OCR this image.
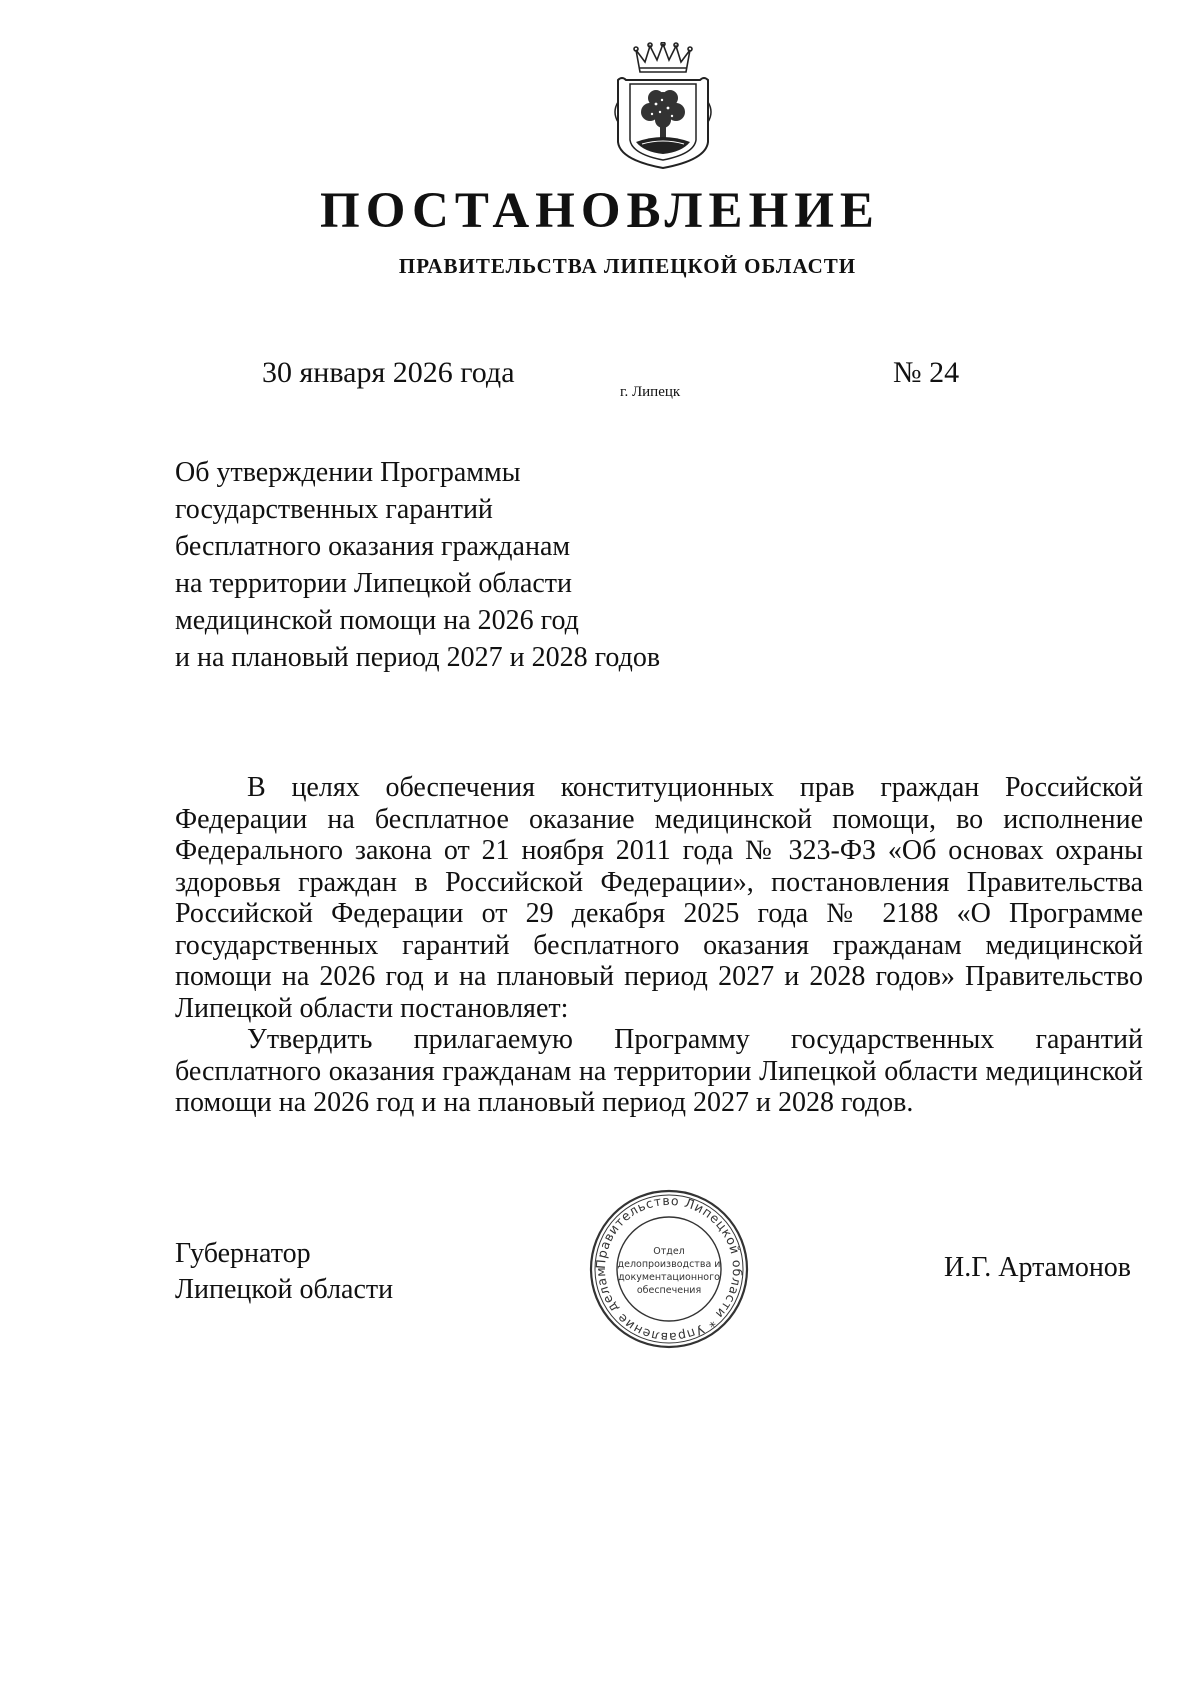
ПОСТАНОВЛЕНИЕ
ПРАВИТЕЛЬСТВА ЛИПЕЦКОЙ ОБЛАСТИ
30 января 2026 года
г. Липецк
№ 24
Об утверждении Программы
государственных гарантий
бесплатного оказания гражданам
на территории Липецкой области
медицинской помощи на 2026 год
и на плановый период 2027 и 2028 годов

В целях обеспечения конституционных прав граждан Российской Федерации на бесплатное оказание медицинской помощи, во исполнение Федерального закона от 21 ноября 2011 года № 323-ФЗ «Об основах охраны здоровья граждан в Российской Федерации», постановления Правительства Российской Федерации от 29 декабря 2025 года № 2188 «О Программе государственных гарантий бесплатного оказания гражданам медицинской помощи на 2026 год и на плановый период 2027 и 2028 годов» Правительство Липецкой области постановляет:

Утвердить прилагаемую Программу государственных гарантий бесплатного оказания гражданам на территории Липецкой области медицинской помощи на 2026 год и на плановый период 2027 и 2028 годов.

Губернатор
Липецкой области
Правительство Липецкой области * Управление делам
Отдел
делопроизводства и
документационного
обеспечения
И.Г. Артамонов
